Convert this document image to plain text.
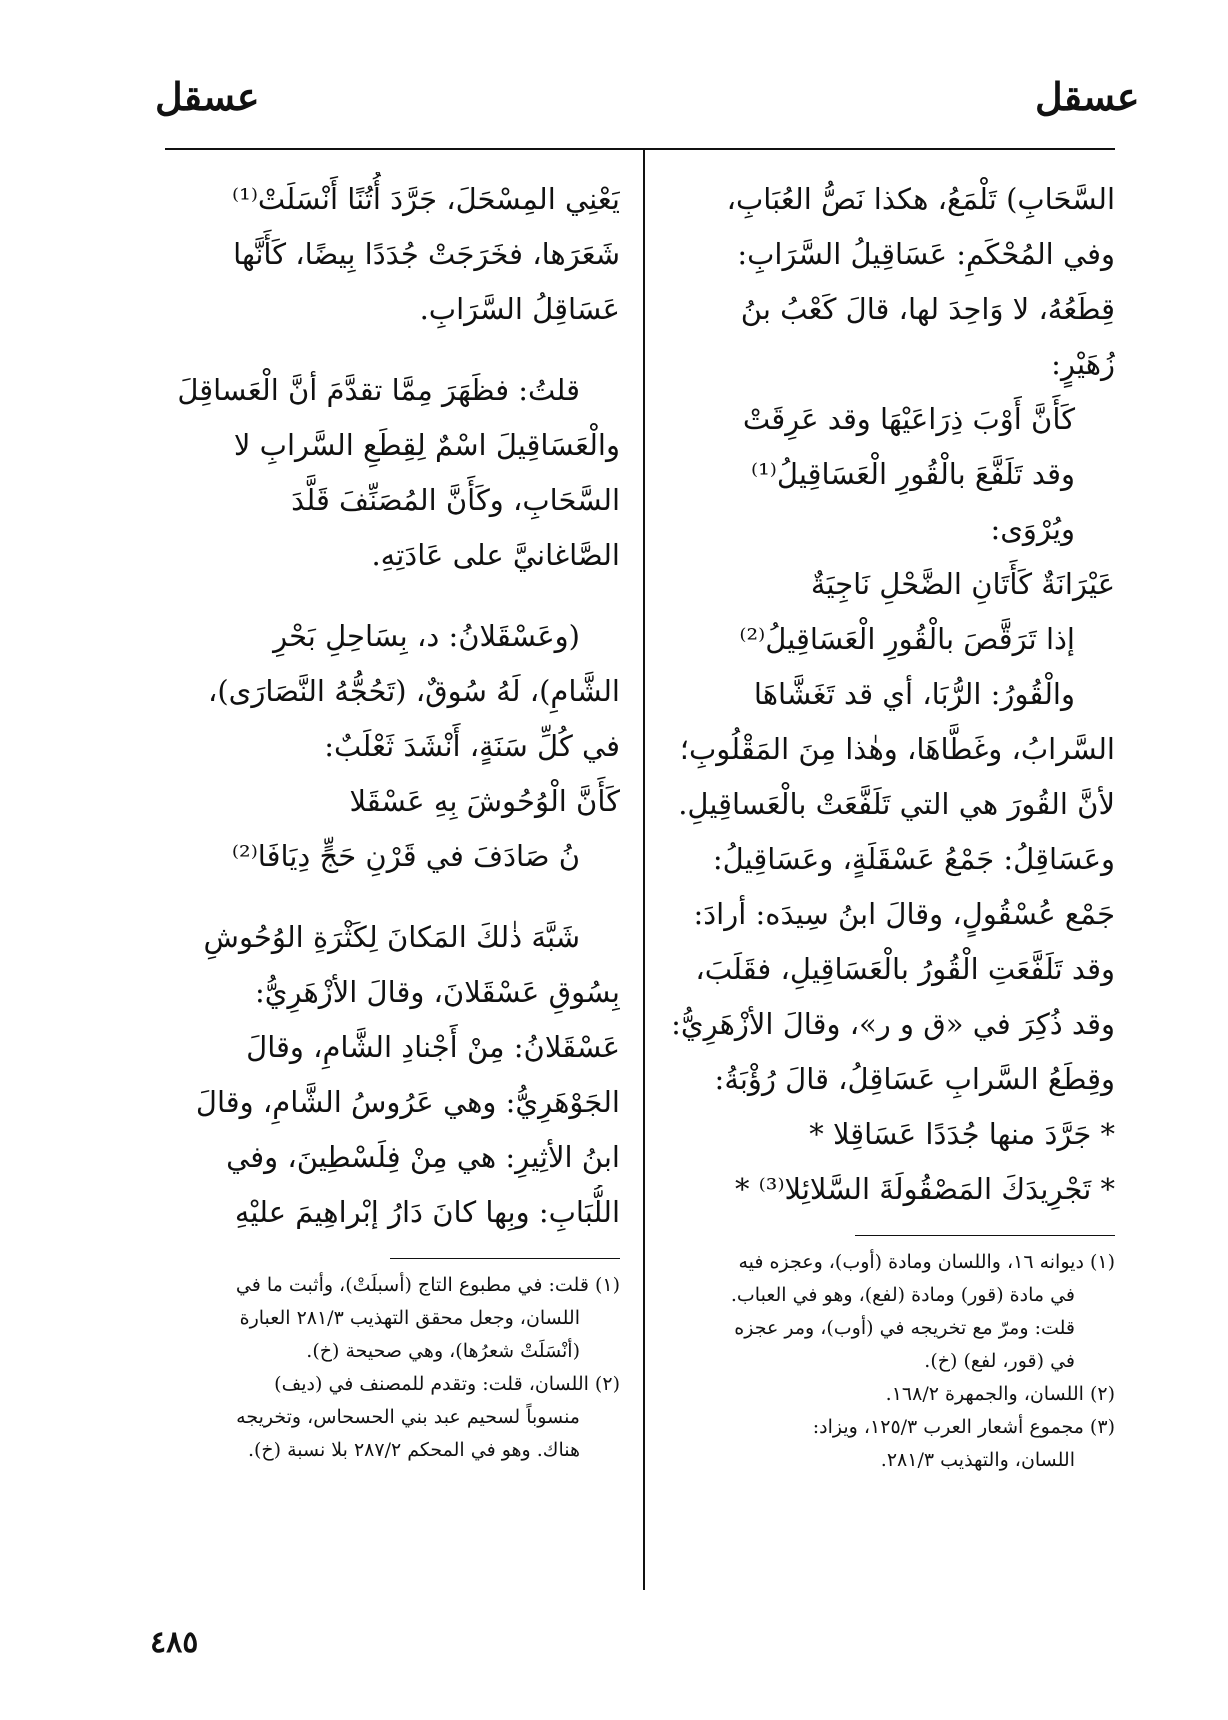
عسقل
عسقل
السَّحَابِ) تَلْمَعُ، هكذا نَصُّ العُبَابِ،
وفي المُحْكَمِ: عَسَاقِيلُ السَّرَابِ:
قِطَعُهُ، لا وَاحِدَ لها، قالَ كَعْبُ بنُ
زُهَيْرٍ:
كَأَنَّ أَوْبَ ذِرَاعَيْهَا وقد عَرِقَتْ
وقد تَلَفَّعَ بالْقُورِ الْعَسَاقِيلُ⁽¹⁾
ويُرْوَى:
عَيْرَانَةٌ كَأَتَانِ الضَّحْلِ نَاجِيَةٌ
إذا تَرَقَّصَ بالْقُورِ الْعَسَاقِيلُ⁽²⁾
والْقُورُ: الرُّبَا، أي قد تَغَشَّاهَا
السَّرابُ، وغَطَّاهَا، وهٰذا مِنَ المَقْلُوبِ؛
لأنَّ القُورَ هي التي تَلَفَّعَتْ بالْعَساقِيلِ.
وعَسَاقِلُ: جَمْعُ عَسْقَلَةٍ، وعَسَاقِيلُ:
جَمْع عُسْقُولٍ، وقالَ ابنُ سِيدَه: أرادَ:
وقد تَلَفَّعَتِ الْقُورُ بالْعَسَاقِيلِ، فقَلَبَ،
وقد ذُكِرَ في «ق و ر»، وقالَ الأزْهَرِيُّ:
وقِطَعُ السَّرابِ عَسَاقِلُ، قالَ رُؤْبَةُ:
* جَرَّدَ منها جُدَدًا عَسَاقِلا *
* تَجْرِيدَكَ المَصْقُولَةَ السَّلائِلا⁽³⁾ *
(١) ديوانه ١٦، واللسان ومادة (أوب)، وعجزه فيه
في مادة (قور) ومادة (لفع)، وهو في العباب.
قلت: ومرّ مع تخريجه في (أوب)، ومر عجزه
في (قور، لفع) (خ).
(٢) اللسان، والجمهرة ١٦٨/٢.
(٣) مجموع أشعار العرب ١٢٥/٣، ويزاد:
اللسان، والتهذيب ٢٨١/٣.
يَعْنِي المِسْحَلَ، جَرَّدَ أُتُنًا أَنْسَلَتْ⁽¹⁾
شَعَرَها، فخَرَجَتْ جُدَدًا بِيضًا، كَأَنَّها
عَسَاقِلُ السَّرَابِ.
قلتُ: فظَهَرَ مِمَّا تقدَّمَ أنَّ الْعَساقِلَ
والْعَسَاقِيلَ اسْمٌ لِقِطَعِ السَّرابِ لا
السَّحَابِ، وكَأَنَّ المُصَنِّفَ قَلَّدَ
الصَّاغانيَّ على عَادَتِهِ.
(وعَسْقَلانُ: د، بِسَاحِلِ بَحْرِ
الشَّامِ)، لَهُ سُوقٌ، (تَحُجُّهُ النَّصَارَى)،
في كُلِّ سَنَةٍ، أَنْشَدَ ثَعْلَبٌ:
كَأَنَّ الْوُحُوشَ بِهِ عَسْقَلا
نُ صَادَفَ في قَرْنِ حَجٍّ دِيَافَا⁽²⁾
شَبَّهَ ذٰلكَ المَكانَ لِكَثْرَةِ الوُحُوشِ
بِسُوقِ عَسْقَلانَ، وقالَ الأزْهَرِيُّ:
عَسْقَلانُ: مِنْ أَجْنادِ الشَّامِ، وقالَ
الجَوْهَرِيُّ: وهي عَرُوسُ الشَّامِ، وقالَ
ابنُ الأثِيرِ: هي مِنْ فِلَسْطِينَ، وفي
اللُّبَابِ: وبِها كانَ دَارُ إبْراهِيمَ عليْهِ
(١) قلت: في مطبوع التاج (أسبلَتْ)، وأثبت ما في
اللسان، وجعل محقق التهذيب ٢٨١/٣ العبارة
(أنْسَلَتْ شعرُها)، وهي صحيحة (خ).
(٢) اللسان، قلت: وتقدم للمصنف في (ديف)
منسوباً لسحيم عبد بني الحسحاس، وتخريجه
هناك. وهو في المحكم ٢٨٧/٢ بلا نسبة (خ).
٤٨٥
